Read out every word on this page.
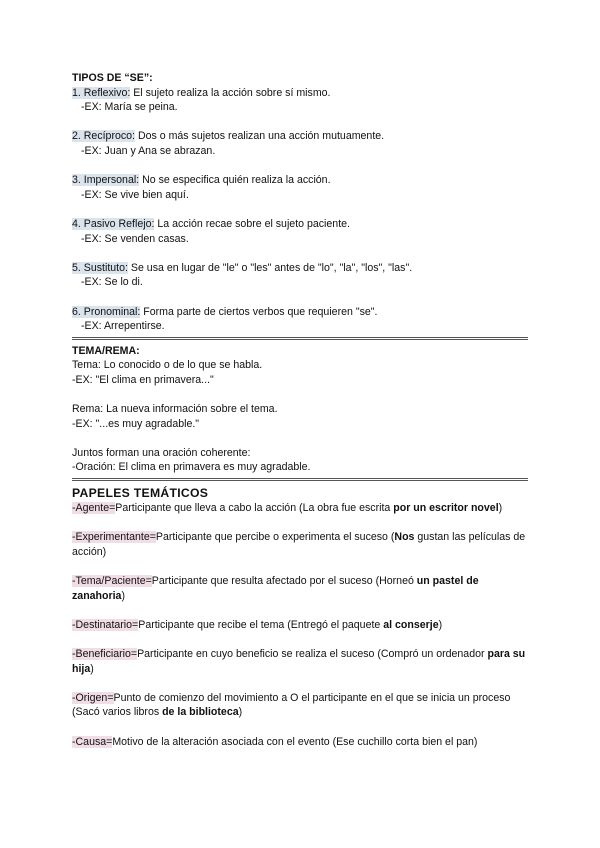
TIPOS DE “SE”:
1. Reflexivo: El sujeto realiza la acción sobre sí mismo.
-EX: María se peina.
2. Recíproco: Dos o más sujetos realizan una acción mutuamente.
-EX: Juan y Ana se abrazan.
3. Impersonal: No se especifica quién realiza la acción.
-EX: Se vive bien aquí.
4. Pasivo Reflejo: La acción recae sobre el sujeto paciente.
-EX: Se venden casas.
5. Sustituto: Se usa en lugar de "le" o "les" antes de "lo", "la", "los", "las".
-EX: Se lo di.
6. Pronominal: Forma parte de ciertos verbos que requieren "se".
-EX: Arrepentirse.
TEMA/REMA:
Tema: Lo conocido o de lo que se habla.
-EX: "El clima en primavera..."
Rema: La nueva información sobre el tema.
-EX: "...es muy agradable."
Juntos forman una oración coherente:
-Oración: El clima en primavera es muy agradable.
PAPELES TEMÁTICOS
-Agente=Participante que lleva a cabo la acción (La obra fue escrita por un escritor novel)
-Experimentante=Participante que percibe o experimenta el suceso (Nos gustan las películas de acción)
-Tema/Paciente=Participante que resulta afectado por el suceso (Horneó un pastel de zanahoria)
-Destinatario=Participante que recibe el tema (Entregó el paquete al conserje)
-Beneficiario=Participante en cuyo beneficio se realiza el suceso (Compró un ordenador para su hija)
-Origen=Punto de comienzo del movimiento a O el participante en el que se inicia un proceso (Sacó varios libros de la biblioteca)
-Causa=Motivo de la alteración asociada con el evento (Ese cuchillo corta bien el pan)
